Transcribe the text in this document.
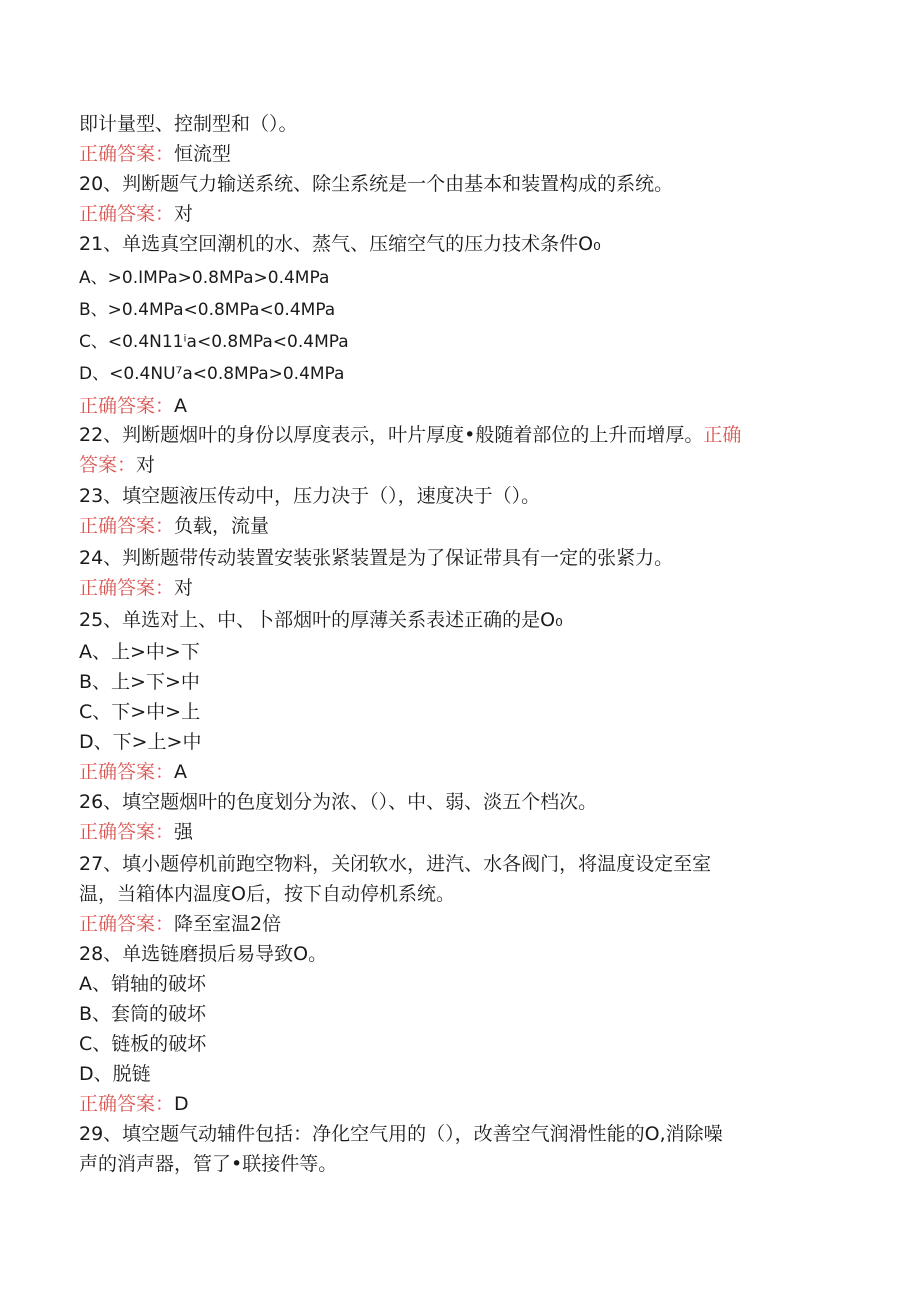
即计量型、控制型和（）。
正确答案：恒流型
20、判断题气力输送系统、除尘系统是一个由基本和装置构成的系统。
正确答案：对
21、单选真空回潮机的水、蒸气、压缩空气的压力技术条件O₀
A、>0.IMPa>0.8MPa>0.4MPa
B、>0.4MPa<0.8MPa<0.4MPa
C、<0.4N11ⁱa<0.8MPa<0.4MPa
D、<0.4NU⁷a<0.8MPa>0.4MPa
正确答案：A
22、判断题烟叶的身份以厚度表示，叶片厚度•般随着部位的上升而增厚。正确
答案：对
23、填空题液压传动中，压力决于（），速度决于（）。
正确答案：负载，流量
24、判断题带传动装置安装张紧装置是为了保证带具有一定的张紧力。
正确答案：对
25、单选对上、中、卜部烟叶的厚薄关系表述正确的是O₀
A、上>中>下
B、上>下>中
C、下>中>上
D、下>上>中
正确答案：A
26、填空题烟叶的色度划分为浓、（）、中、弱、淡五个档次。
正确答案：强
27、填小题停机前跑空物料，关闭软水，进汽、水各阀门，将温度设定至室
温，当箱体内温度O后，按下自动停机系统。
正确答案：降至室温2倍
28、单选链磨损后易导致O。
A、销轴的破坏
B、套筒的破坏
C、链板的破坏
D、脱链
正确答案：D
29、填空题气动辅件包括：净化空气用的（），改善空气润滑性能的O,消除噪
声的消声器，管了•联接件等。
